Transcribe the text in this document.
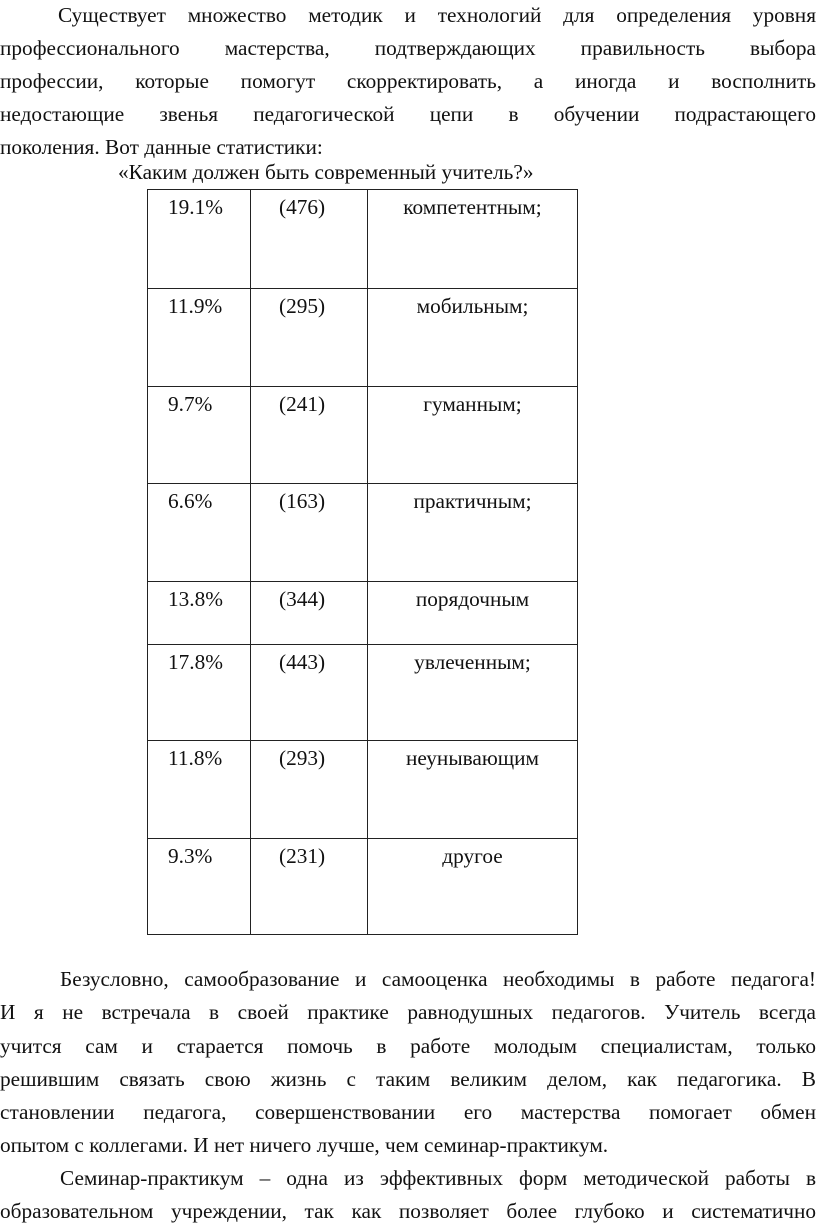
Существует множество методик и технологий для определения уровня
профессионального мастерства, подтверждающих правильность выбора
профессии, которые помогут скорректировать, а иногда и восполнить
недостающие звенья педагогической цепи в обучении подрастающего
поколения. Вот данные статистики:
«Каким должен быть современный учитель?»
19.1%	(476)	компетентным;
11.9%	(295)	мобильным;
9.7%	(241)	гуманным;
6.6%	(163)	практичным;
13.8%	(344)	порядочным
17.8%	(443)	увлеченным;
11.8%	(293)	неунывающим
9.3%	(231)	другое
Безусловно, самообразование и самооценка необходимы в работе педагога!
И я не встречала в своей практике равнодушных педагогов. Учитель всегда
учится сам и старается помочь в работе молодым специалистам, только
решившим связать свою жизнь с таким великим делом, как педагогика. В
становлении педагога, совершенствовании его мастерства помогает обмен
опытом с коллегами. И нет ничего лучше, чем семинар-практикум.
Семинар-практикум – одна из эффективных форм методической работы в
образовательном учреждении, так как позволяет более глубоко и систематично
